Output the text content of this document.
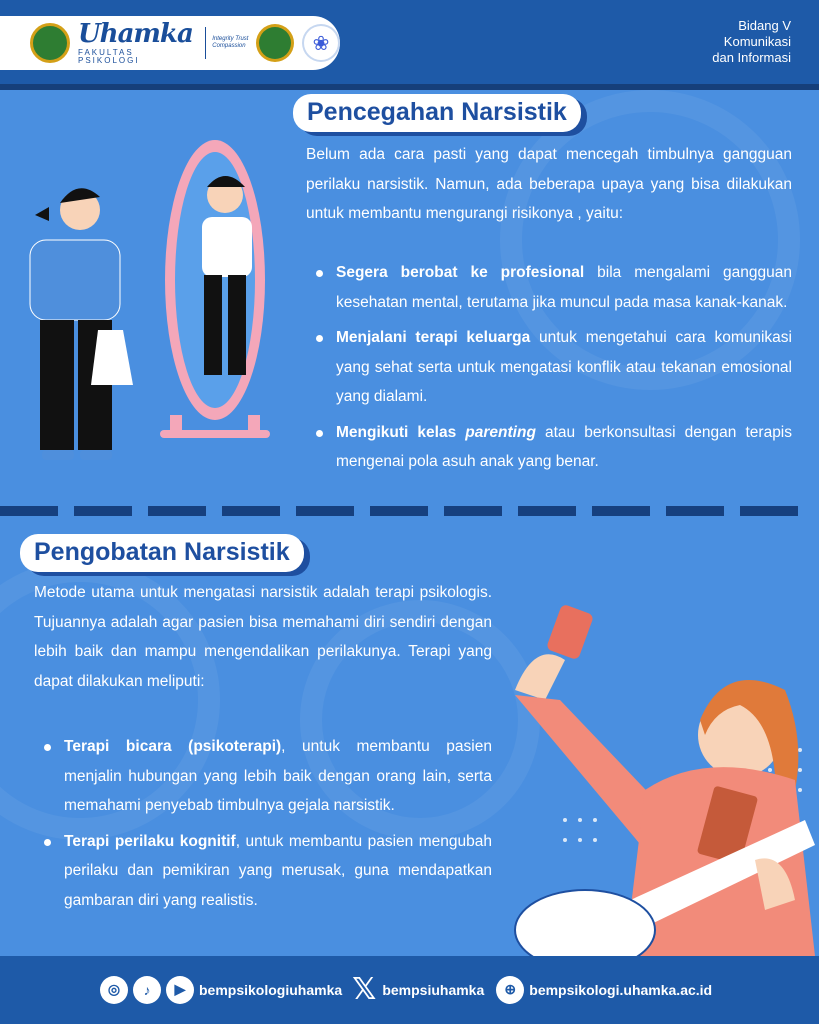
Uhamka
FAKULTAS PSIKOLOGI
Integrity Trust Compassion	❀
Bidang V
Komunikasi
dan Informasi
Pencegahan Narsistik
Belum ada cara pasti yang dapat mencegah timbulnya gangguan perilaku narsistik. Namun, ada beberapa upaya yang bisa dilakukan untuk membantu mengurangi risikonya , yaitu:
Segera berobat ke profesional bila mengalami gangguan kesehatan mental, terutama jika muncul pada masa kanak-kanak.
Menjalani terapi keluarga untuk mengetahui cara komunikasi yang sehat serta untuk mengatasi konflik atau tekanan emosional yang dialami.
Mengikuti kelas parenting atau berkonsultasi dengan terapis mengenai pola asuh anak yang benar.
Pengobatan Narsistik
Metode utama untuk mengatasi narsistik adalah terapi psikologis. Tujuannya adalah agar pasien bisa memahami diri sendiri dengan lebih baik dan mampu mengendalikan perilakunya. Terapi yang dapat dilakukan meliputi:
Terapi bicara (psikoterapi), untuk membantu pasien menjalin hubungan yang lebih baik dengan orang lain, serta memahami penyebab timbulnya gejala narsistik.
Terapi perilaku kognitif, untuk membantu pasien mengubah perilaku dan pemikiran yang merusak, guna mendapatkan gambaran diri yang realistis.
◎	♪	▶ bempsikologiuhamka 𝕏 bempsiuhamka	⊕ bempsikologi.uhamka.ac.id
